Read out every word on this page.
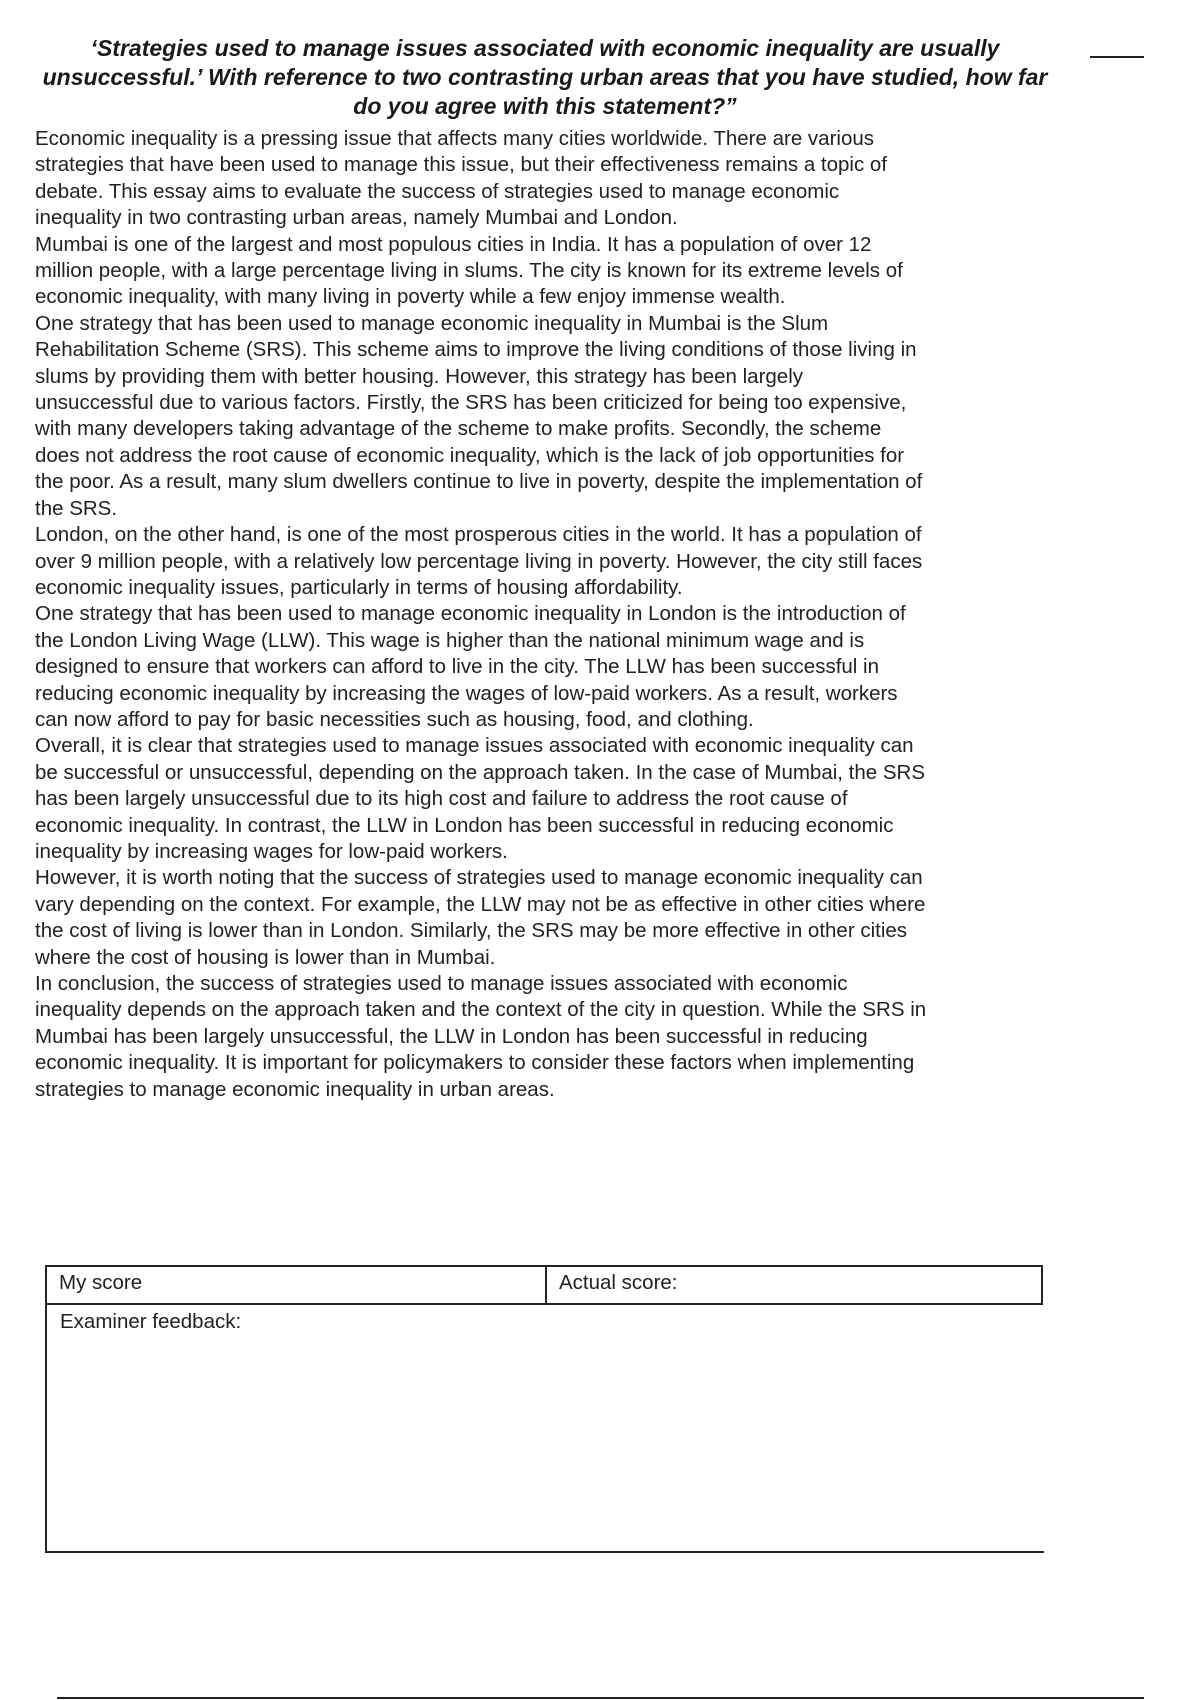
‘Strategies used to manage issues associated with economic inequality are usually unsuccessful.’ With reference to two contrasting urban areas that you have studied, how far do you agree with this statement?”

Economic inequality is a pressing issue that affects many cities worldwide. There are various strategies that have been used to manage this issue, but their effectiveness remains a topic of debate. This essay aims to evaluate the success of strategies used to manage economic inequality in two contrasting urban areas, namely Mumbai and London.

Mumbai is one of the largest and most populous cities in India. It has a population of over 12 million people, with a large percentage living in slums. The city is known for its extreme levels of economic inequality, with many living in poverty while a few enjoy immense wealth.

One strategy that has been used to manage economic inequality in Mumbai is the Slum Rehabilitation Scheme (SRS). This scheme aims to improve the living conditions of those living in slums by providing them with better housing. However, this strategy has been largely unsuccessful due to various factors. Firstly, the SRS has been criticized for being too expensive, with many developers taking advantage of the scheme to make profits. Secondly, the scheme does not address the root cause of economic inequality, which is the lack of job opportunities for the poor. As a result, many slum dwellers continue to live in poverty, despite the implementation of the SRS.

London, on the other hand, is one of the most prosperous cities in the world. It has a population of over 9 million people, with a relatively low percentage living in poverty. However, the city still faces economic inequality issues, particularly in terms of housing affordability.

One strategy that has been used to manage economic inequality in London is the introduction of the London Living Wage (LLW). This wage is higher than the national minimum wage and is designed to ensure that workers can afford to live in the city. The LLW has been successful in reducing economic inequality by increasing the wages of low-paid workers. As a result, workers can now afford to pay for basic necessities such as housing, food, and clothing.

Overall, it is clear that strategies used to manage issues associated with economic inequality can be successful or unsuccessful, depending on the approach taken. In the case of Mumbai, the SRS has been largely unsuccessful due to its high cost and failure to address the root cause of economic inequality. In contrast, the LLW in London has been successful in reducing economic inequality by increasing wages for low-paid workers.

However, it is worth noting that the success of strategies used to manage economic inequality can vary depending on the context. For example, the LLW may not be as effective in other cities where the cost of living is lower than in London. Similarly, the SRS may be more effective in other cities where the cost of housing is lower than in Mumbai.

In conclusion, the success of strategies used to manage issues associated with economic inequality depends on the approach taken and the context of the city in question. While the SRS in Mumbai has been largely unsuccessful, the LLW in London has been successful in reducing economic inequality. It is important for policymakers to consider these factors when implementing strategies to manage economic inequality in urban areas.

My score	Actual score:
Examiner feedback:
